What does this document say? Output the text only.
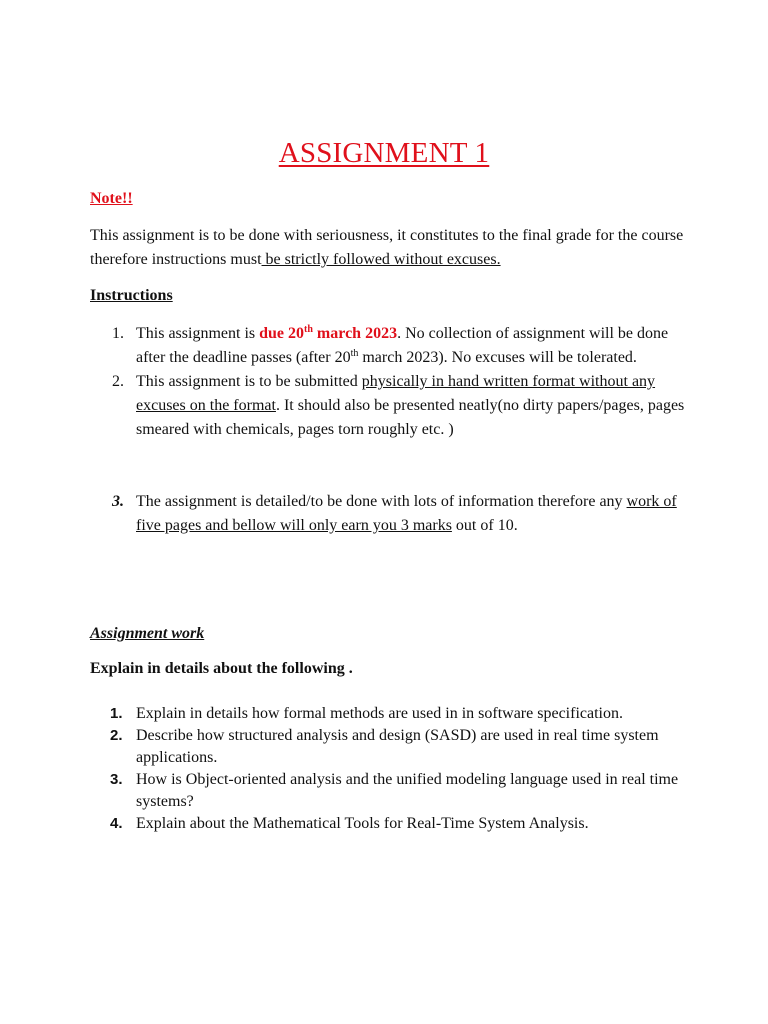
ASSIGNMENT 1
Note!!
This assignment is to be done with seriousness, it constitutes to the final grade for the course therefore instructions must be strictly followed without excuses.
Instructions
1. This assignment is due 20th march 2023. No collection of assignment will be done after the deadline passes (after 20th march 2023). No excuses will be tolerated.
2. This assignment is to be submitted physically in hand written format without any excuses on the format. It should also be presented neatly(no dirty papers/pages, pages smeared with chemicals, pages torn roughly etc. )
3. The assignment is detailed/to be done with lots of information therefore any work of five pages and bellow will only earn you 3 marks out of 10.
Assignment work
Explain in details about the following .
1. Explain in details how formal methods are used in in software specification.
2. Describe how structured analysis and design (SASD) are used in real time system applications.
3. How is Object-oriented analysis and the unified modeling language used in real time systems?
4. Explain about the Mathematical Tools for Real-Time System Analysis.
